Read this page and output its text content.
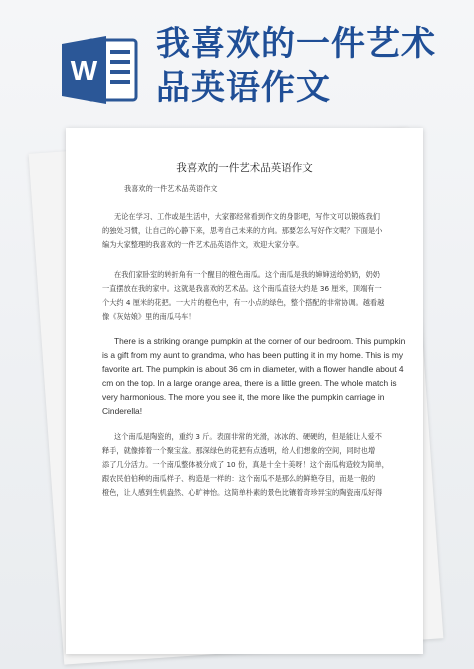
W
我喜欢的一件艺术
品英语作文
我喜欢的一件艺术品英语作文
我喜欢的一件艺术品英语作文
无论在学习、工作或是生活中，大家都经常看到作文的身影吧，写作文可以锻炼我们
的独处习惯，让自己的心静下来，思考自己未来的方向。那要怎么写好作文呢？下面是小
编为大家整理的我喜欢的一件艺术品英语作文，欢迎大家分享。
在我们家卧室的转折角有一个醒目的橙色南瓜。这个南瓜是我的婶婶送给奶奶，奶奶
一直摆放在我的家中。这就是我喜欢的艺术品。这个南瓜直径大约是 36 厘米，顶端有一
个大约 4 厘米的花把。一大片的橙色中，有一小点的绿色，整个搭配的非常协调。越看越
像《灰姑娘》里的南瓜马车！
There is a striking orange pumpkin at the corner of our bedroom. This pumpkin
is a gift from my aunt to grandma, who has been putting it in my home. This is my
favorite art. The pumpkin is about 36 cm in diameter, with a flower handle about 4
cm on the top. In a large orange area, there is a little green. The whole match is
very harmonious. The more you see it, the more like the pumpkin carriage in
Cinderella!
这个南瓜是陶瓷的，重约 3 斤。表面非常的光滑，冰冰的、硬硬的，但是能让人爱不
释手，就像捧着一个聚宝盆。那深绿色的花把有点透明，给人们想象的空间，同时也增
添了几分活力。一个南瓜整体被分成了 10 份，真是十全十美呀！这个南瓜构造较为简单，
跟农民伯伯种的南瓜样子、构造是一样的：这个南瓜不是那么的鲜艳夺目，而是一般的
橙色，让人感到生机盎然、心旷神怡。这简单朴素的景色比镶着奇珍异宝的陶瓷南瓜好得
